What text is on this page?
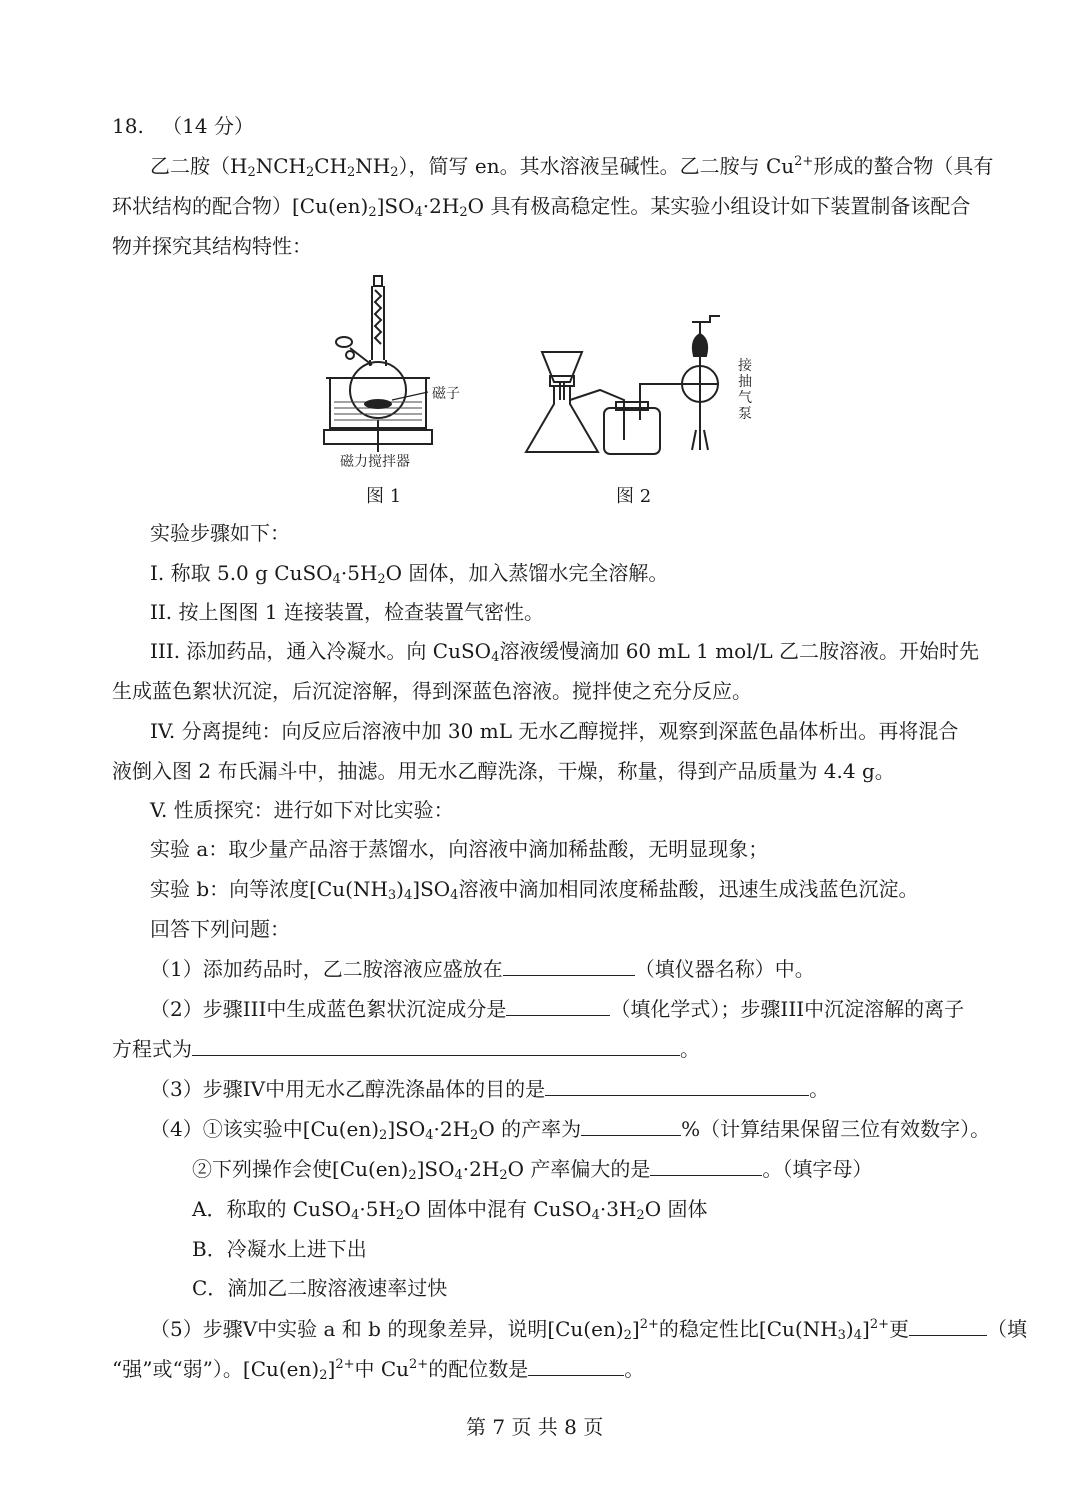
18. （14 分）
乙二胺$(H_2NCH_2CH_2NH_2)$，简写 en。其水溶液呈碱性。乙二胺与 $Cu^{2+}$形成的螯合物（具有
环状结构的配合物）$[Cu(en)_2]SO_4\cdot 2H_2O$ 具有极高稳定性。某实验小组设计如下装置制备该配合
物并探究其结构特性：
磁子
磁力搅拌器
图 1
接
抽
气
泵
图 2
实验步骤如下：
I. 称取 5.0 g $CuSO_4\cdot 5H_2O$ 固体，加入蒸馏水完全溶解。
II. 按上图图 1 连接装置，检查装置气密性。
III. 添加药品，通入冷凝水。向 CuSO$_4$溶液缓慢滴加 60 mL 1 mol/L 乙二胺溶液。开始时先
生成蓝色絮状沉淀，后沉淀溶解，得到深蓝色溶液。搅拌使之充分反应。
IV. 分离提纯：向反应后溶液中加 30 mL 无水乙醇搅拌，观察到深蓝色晶体析出。再将混合
液倒入图 2 布氏漏斗中，抽滤。用无水乙醇洗涤，干燥，称量，得到产品质量为 4.4 g。
V. 性质探究：进行如下对比实验：
实验 a：取少量产品溶于蒸馏水，向溶液中滴加稀盐酸，无明显现象；
实验 b：向等浓度$[Cu(NH_3)_4]SO_4$溶液中滴加相同浓度稀盐酸，迅速生成浅蓝色沉淀。
回答下列问题：
（1）添加药品时，乙二胺溶液应盛放在	（填仪器名称）中。
（2）步骤III中生成蓝色絮状沉淀成分是	（填化学式）；步骤III中沉淀溶解的离子
方程式为	。
（3）步骤IV中用无水乙醇洗涤晶体的目的是	。
（4）①该实验中$[Cu(en)_2]SO_4\cdot 2H_2O$ 的产率为	%（计算结果保留三位有效数字）。
②下列操作会使$[Cu(en)_2]SO_4\cdot 2H_2O$ 产率偏大的是	。（填字母）
A．称取的 $CuSO_4\cdot 5H_2O$ 固体中混有 $CuSO_4\cdot 3H_2O$ 固体
B．冷凝水上进下出
C．滴加乙二胺溶液速率过快
（5）步骤V中实验 a 和 b 的现象差异，说明$[Cu(en)_2]^{2+}$的稳定性比$[Cu(NH_3)_4]^{2+}$更	（填
“强”或“弱”）。$[Cu(en)_2]^{2+}$中 $Cu^{2+}$的配位数是	。
第 7 页 共 8 页
